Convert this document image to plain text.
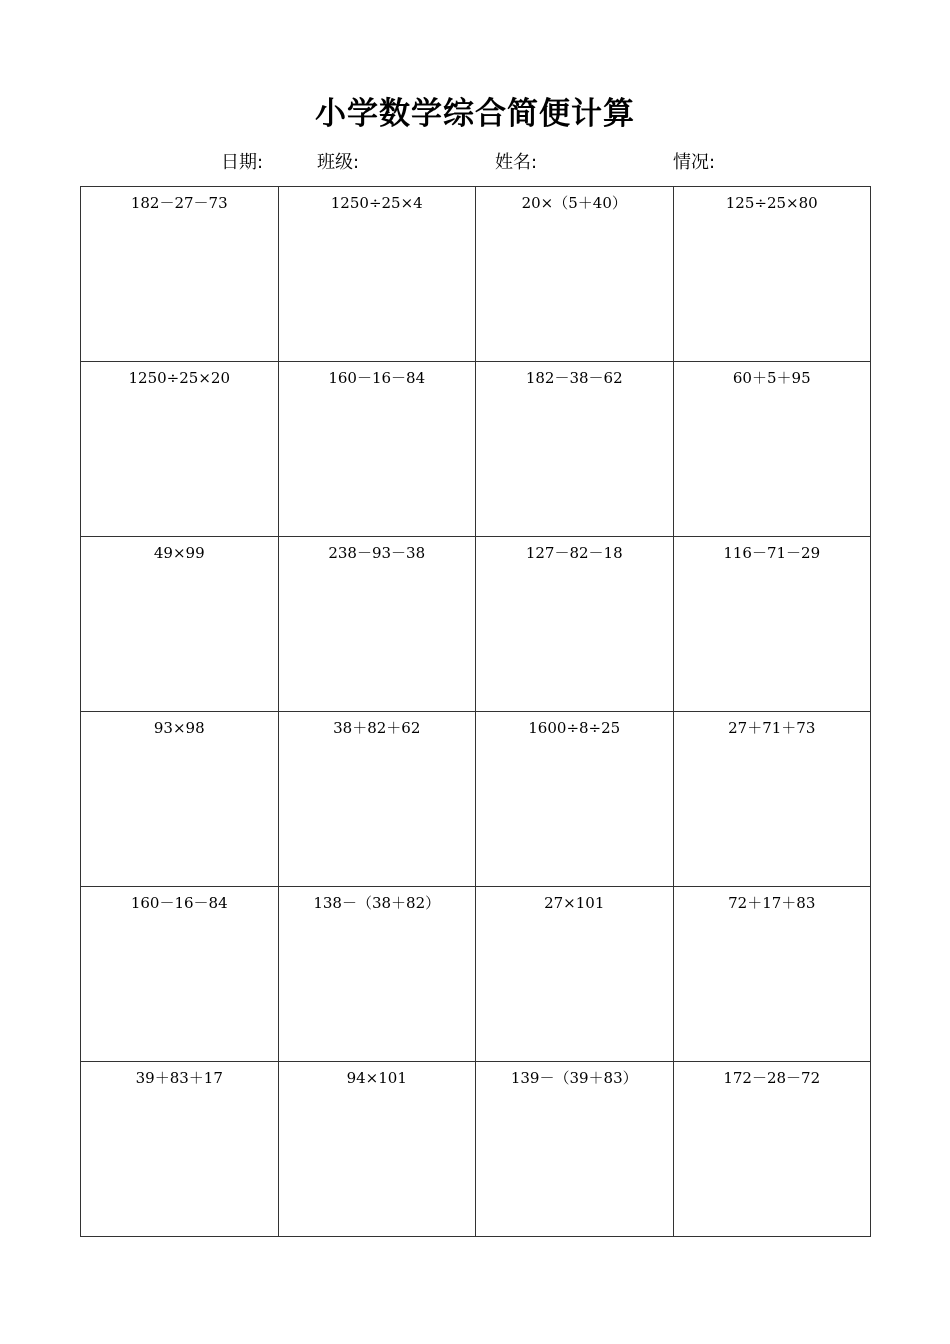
小学数学综合简便计算
日期:	班级:	姓名:	情况:
182－27－73	1250÷25×4	20×（5＋40）	125÷25×80
1250÷25×20	160－16－84	182－38－62	60＋5＋95
49×99	238－93－38	127－82－18	116－71－29
93×98	38＋82＋62	1600÷8÷25	27＋71＋73
160－16－84	138－（38＋82）	27×101	72＋17＋83
39＋83＋17	94×101	139－（39＋83）	172－28－72
